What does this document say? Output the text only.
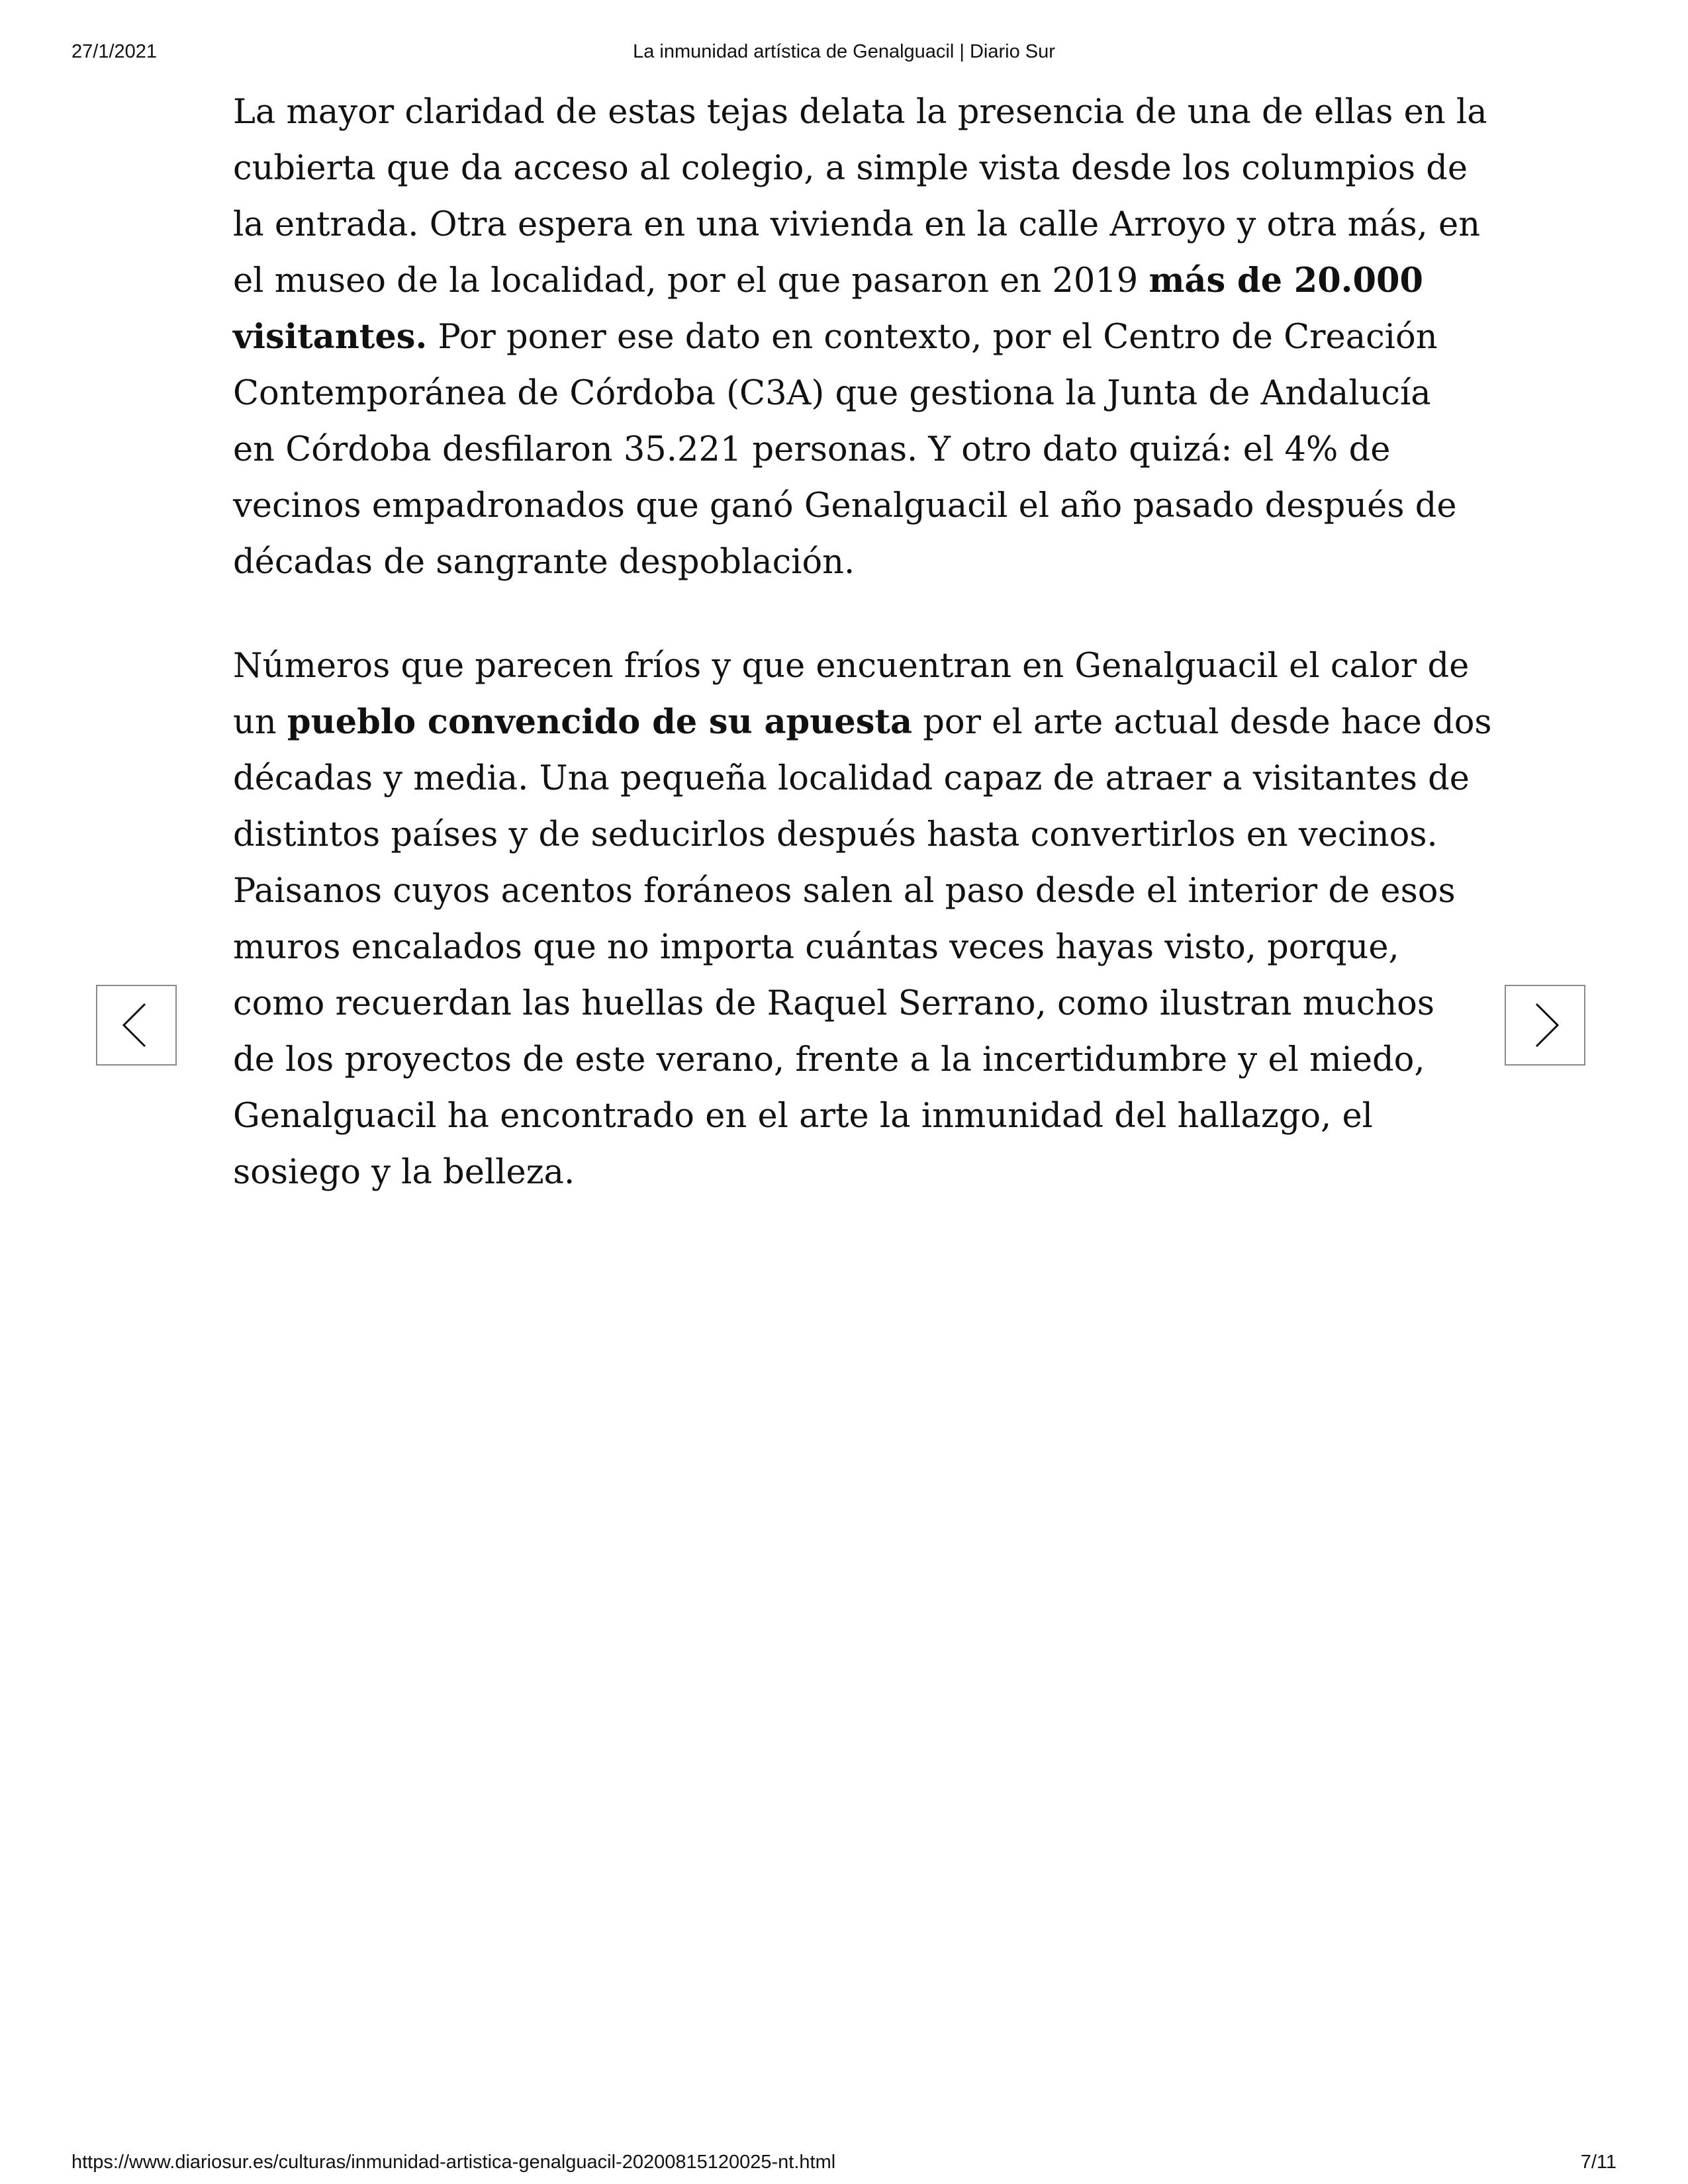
27/1/2021	La inmunidad artística de Genalguacil | Diario Sur

La mayor claridad de estas tejas delata la presencia de una de ellas en la
cubierta que da acceso al colegio, a simple vista desde los columpios de
la entrada. Otra espera en una vivienda en la calle Arroyo y otra más, en
el museo de la localidad, por el que pasaron en 2019 más de 20.000
visitantes. Por poner ese dato en contexto, por el Centro de Creación
Contemporánea de Córdoba (C3A) que gestiona la Junta de Andalucía
en Córdoba desfilaron 35.221 personas. Y otro dato quizá: el 4% de
vecinos empadronados que ganó Genalguacil el año pasado después de
décadas de sangrante despoblación.

Números que parecen fríos y que encuentran en Genalguacil el calor de
un pueblo convencido de su apuesta por el arte actual desde hace dos
décadas y media. Una pequeña localidad capaz de atraer a visitantes de
distintos países y de seducirlos después hasta convertirlos en vecinos.
Paisanos cuyos acentos foráneos salen al paso desde el interior de esos
muros encalados que no importa cuántas veces hayas visto, porque,
como recuerdan las huellas de Raquel Serrano, como ilustran muchos
de los proyectos de este verano, frente a la incertidumbre y el miedo,
Genalguacil ha encontrado en el arte la inmunidad del hallazgo, el
sosiego y la belleza.

https://www.diariosur.es/culturas/inmunidad-artistica-genalguacil-20200815120025-nt.html	7/11
